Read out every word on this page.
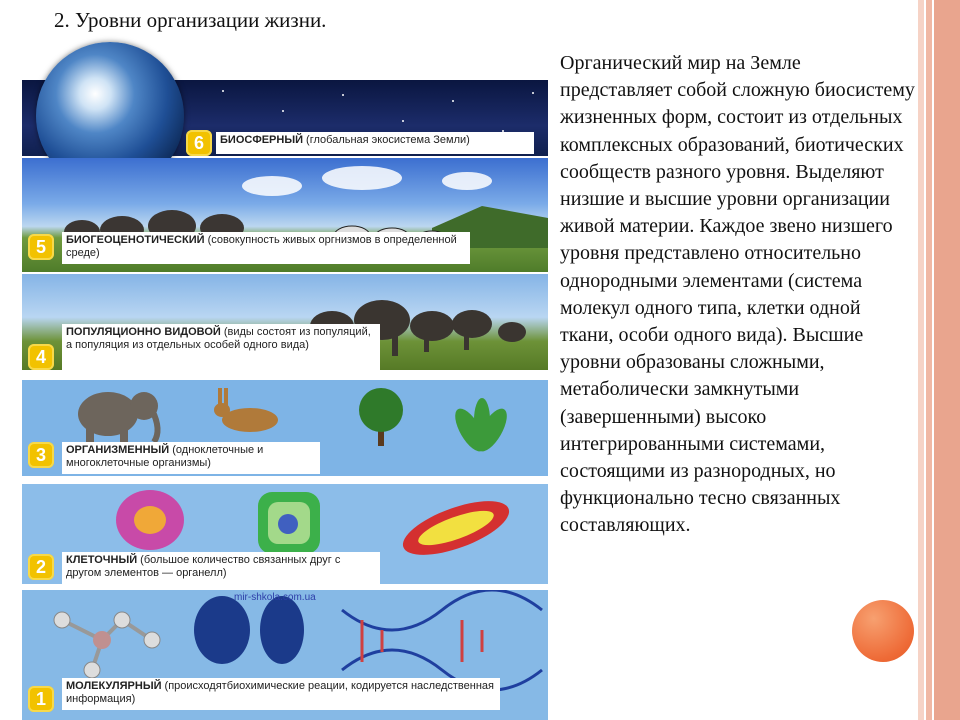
2. Уровни организации жизни.
6	БИОСФЕРНЫЙ (глобальная экосистема Земли)
5	БИОГЕОЦЕНОТИЧЕСКИЙ (совокупность живых оргнизмов в определенной среде)
4
ПОПУЛЯЦИОННО ВИДОВОЙ (виды состоят из популяций, а популяция из отдельных особей одного вида)
3	ОРГАНИЗМЕННЫЙ (одноклеточные и многоклеточные организмы)
2	КЛЕТОЧНЫЙ (большое количество связанных друг с другом элементов — органелл)
mir-shkola.com.ua
1
МОЛЕКУЛЯРНЫЙ (происходятбиохимические реации, кодируется наследственная информация)
Органический мир на Земле представляет собой сложную биосистему жизненных форм, состоит из отдельных комплексных образований, биотических сообществ разного уровня. Выделяют низшие и высшие уровни организации живой материи. Каждое звено низшего уровня представлено относительно однородными элементами (система молекул одного типа, клетки одной ткани, особи одного вида). Высшие уровни образованы сложными, метаболически замкнутыми (завершенными) высоко интегрированными системами, состоящими из разнородных, но функционально тесно связанных составляющих.
